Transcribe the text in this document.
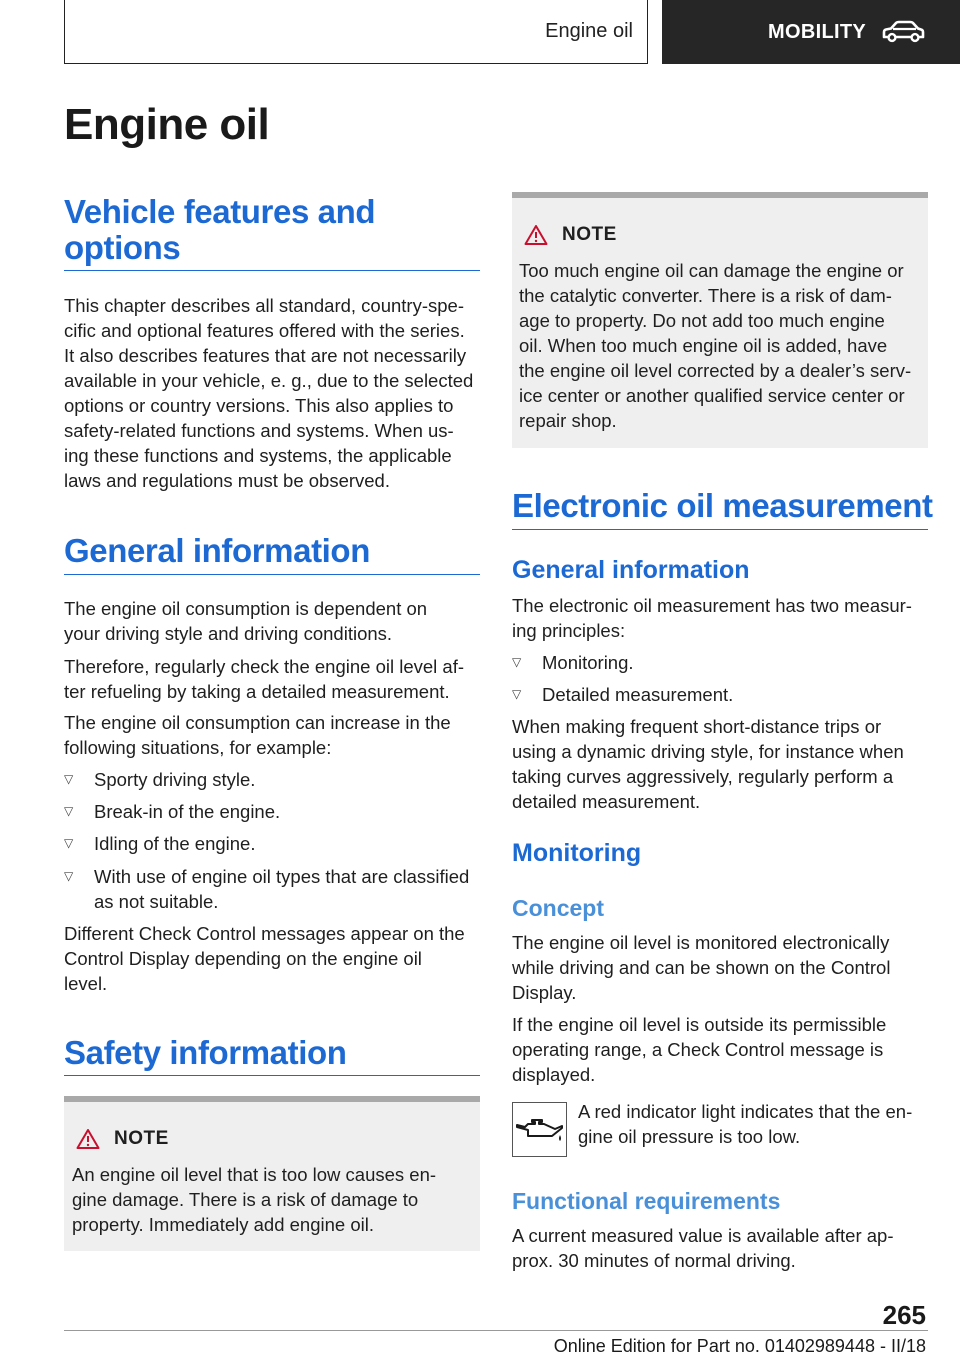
Engine oil	MOBILITY
Engine oil
Vehicle features and
options
This chapter describes all standard, country-spe-
cific and optional features offered with the series.
It also describes features that are not necessarily
available in your vehicle, e. g., due to the selected
options or country versions. This also applies to
safety-related functions and systems. When us-
ing these functions and systems, the applicable
laws and regulations must be observed.
General information
The engine oil consumption is dependent on
your driving style and driving conditions.
Therefore, regularly check the engine oil level af-
ter refueling by taking a detailed measurement.
The engine oil consumption can increase in the
following situations, for example:
▽ Sporty driving style.
▽ Break-in of the engine.
▽ Idling of the engine.
▽ With use of engine oil types that are classified
as not suitable.
Different Check Control messages appear on the
Control Display depending on the engine oil
level.
Safety information
NOTE
An engine oil level that is too low causes en-
gine damage. There is a risk of damage to
property. Immediately add engine oil.
NOTE
Too much engine oil can damage the engine or
the catalytic converter. There is a risk of dam-
age to property. Do not add too much engine
oil. When too much engine oil is added, have
the engine oil level corrected by a dealer’s serv-
ice center or another qualified service center or
repair shop.
Electronic oil measurement
General information
The electronic oil measurement has two measur-
ing principles:
▽ Monitoring.
▽ Detailed measurement.
When making frequent short-distance trips or
using a dynamic driving style, for instance when
taking curves aggressively, regularly perform a
detailed measurement.
Monitoring
Concept
The engine oil level is monitored electronically
while driving and can be shown on the Control
Display.
If the engine oil level is outside its permissible
operating range, a Check Control message is
displayed.
A red indicator light indicates that the en-
gine oil pressure is too low.
Functional requirements
A current measured value is available after ap-
prox. 30 minutes of normal driving.
265
Online Edition for Part no. 01402989448 - II/18
